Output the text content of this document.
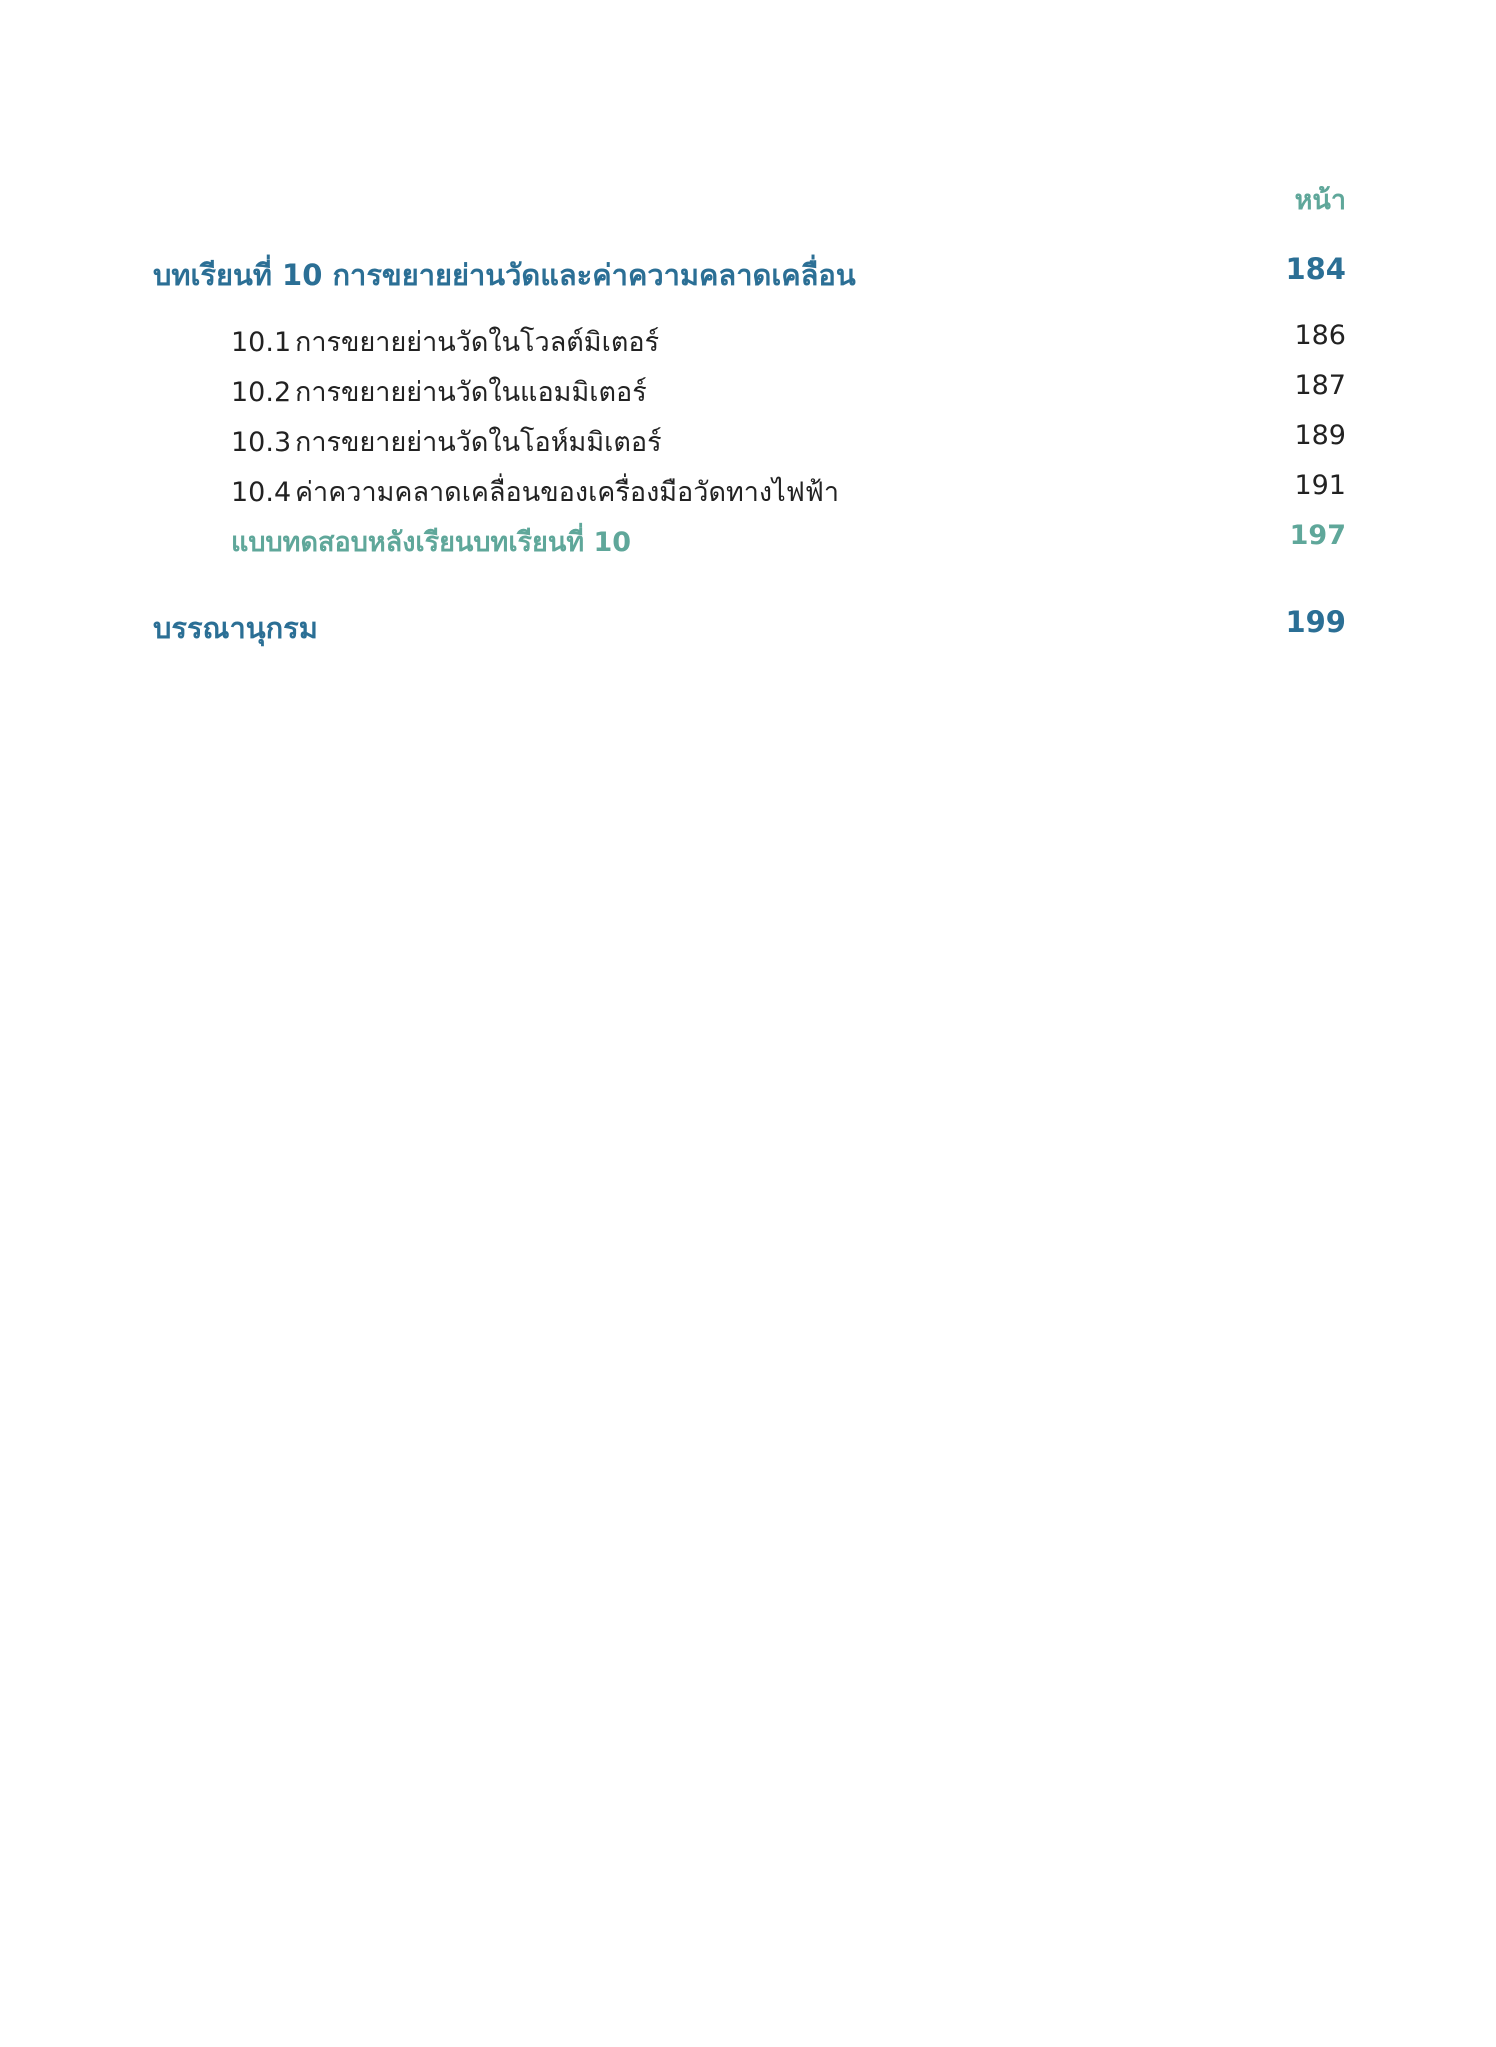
หน้า
บทเรียนที่ 10 การขยายย่านวัดและค่าความคลาดเคลื่อน	184
10.1 การขยายย่านวัดในโวลต์มิเตอร์	186
10.2 การขยายย่านวัดในแอมมิเตอร์	187
10.3 การขยายย่านวัดในโอห์มมิเตอร์	189
10.4 ค่าความคลาดเคลื่อนของเครื่องมือวัดทางไฟฟ้า	191
แบบทดสอบหลังเรียนบทเรียนที่ 10	197
บรรณานุกรม	199
